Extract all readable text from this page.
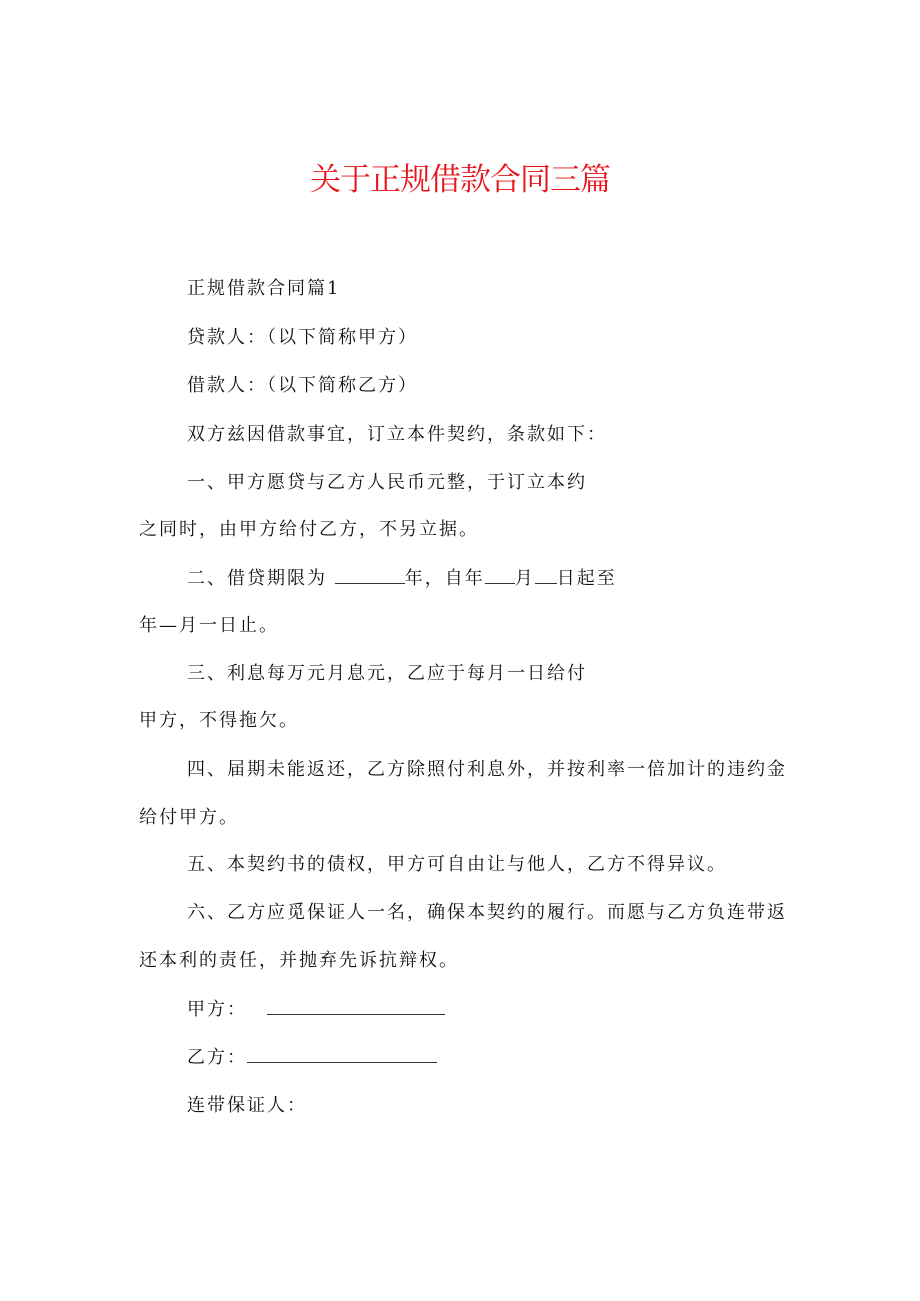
关于正规借款合同三篇
正规借款合同篇1
贷款人：（以下简称甲方）
借款人：（以下简称乙方）
双方兹因借款事宜，订立本件契约，条款如下：
一、甲方愿贷与乙方人民币元整，于订立本约
之同时，由甲方给付乙方，不另立据。
二、借贷期限为	年，自年 月 日起至
年—月一日止。
三、利息每万元月息元，乙应于每月一日给付
甲方，不得拖欠。
四、届期未能返还，乙方除照付利息外，并按利率一倍加计的违约金
给付甲方。
五、本契约书的债权，甲方可自由让与他人，乙方不得异议。
六、乙方应觅保证人一名，确保本契约的履行。而愿与乙方负连带返
还本利的责任，并抛弃先诉抗辩权。
甲方：
乙方：
连带保证人：
